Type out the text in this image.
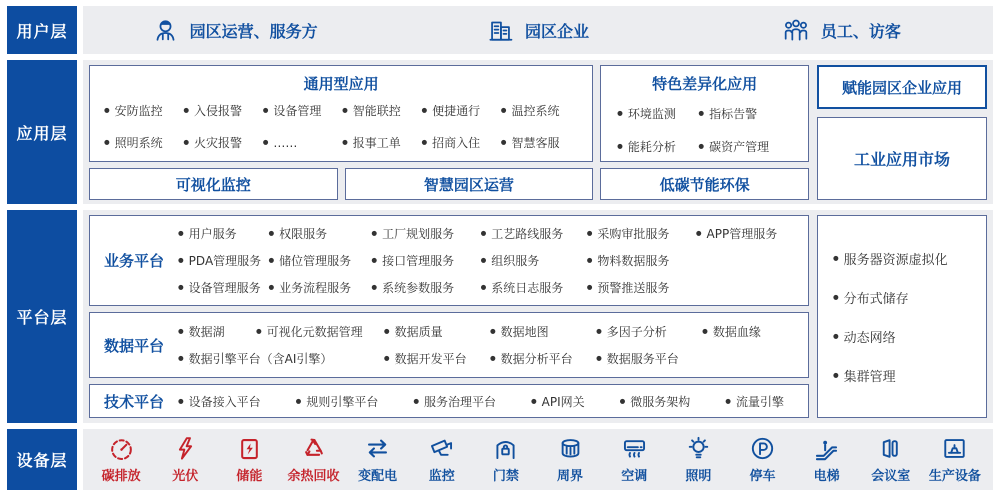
用户层	园区运营、服务方	园区企业	员工、访客
应用层
通用型应用
● 安防监控	● 入侵报警	● 设备管理	● 智能联控	● 便捷通行	● 温控系统
● 照明系统	● 火灾报警	● ……	● 报事工单	● 招商入住	● 智慧客服
特色差异化应用
● 环境监测	● 指标告警
● 能耗分析	● 碳资产管理
可视化监控	智慧园区运营	低碳节能环保
赋能园区企业应用
工业应用市场
平台层
业务平台
● 用户服务	● 权限服务	● 工厂规划服务	● 工艺路线服务	● 采购审批服务	● APP管理服务
● PDA管理服务	● 储位管理服务	● 接口管理服务	● 组织服务	● 物料数据服务
● 设备管理服务	● 业务流程服务	● 系统参数服务	● 系统日志服务	● 预警推送服务
数据平台
● 数据湖	● 可视化元数据管理	● 数据质量	● 数据地图	● 多因子分析	● 数据血缘
● 数据引擎平台（含AI引擎）	● 数据开发平台	● 数据分析平台	● 数据服务平台
技术平台	● 设备接入平台	● 规则引擎平台	● 服务治理平台	● API网关	● 微服务架构	● 流量引擎
● 服务器资源虚拟化
● 分布式储存
● 动态网络
● 集群管理
设备层
碳排放 光伏	储能 余热回收 变配电 监控	门禁	周界	空调	照明	停车	电梯 会议室 生产设备
